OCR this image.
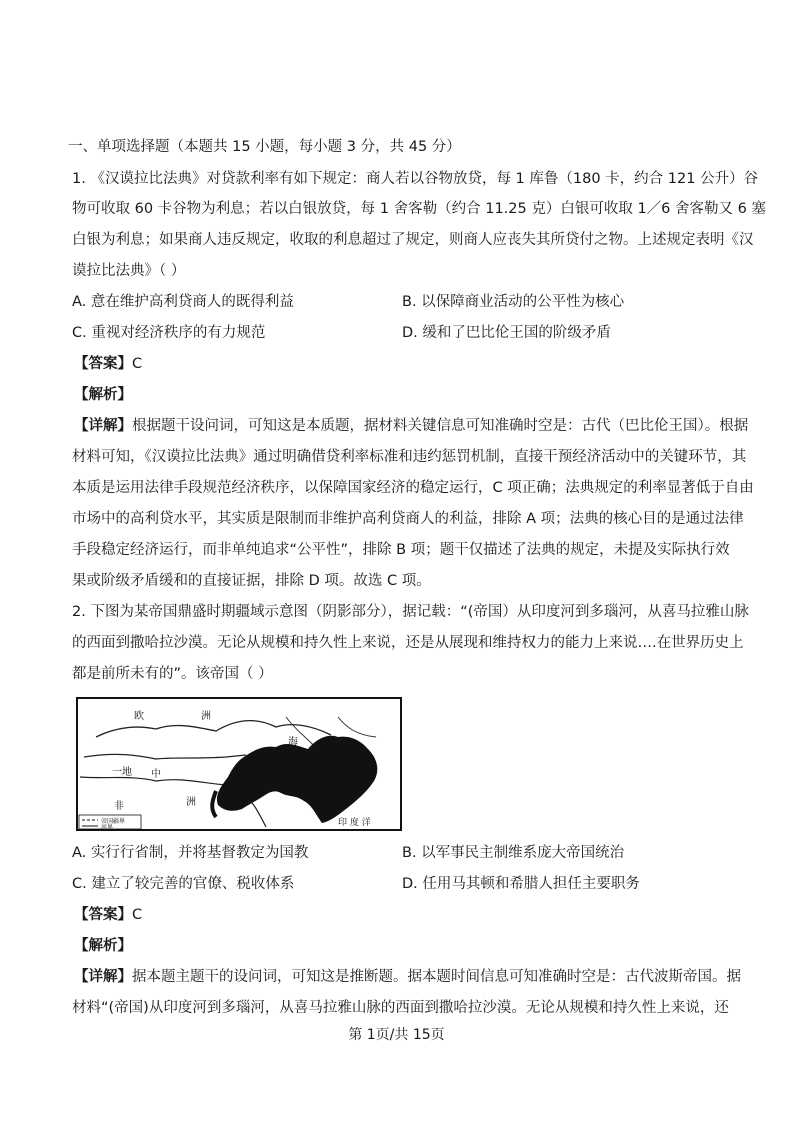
一、单项选择题（本题共 15 小题，每小题 3 分，共 45 分）
1. 《汉谟拉比法典》对贷款利率有如下规定：商人若以谷物放贷，每 1 库鲁（180 卡，约合 121 公升）谷
物可收取 60 卡谷物为利息；若以白银放贷，每 1 舍客勒（约合 11.25 克）白银可收取 1／6 舍客勒又 6 塞
白银为利息；如果商人违反规定，收取的利息超过了规定，则商人应丧失其所贷付之物。上述规定表明《汉
谟拉比法典》（ ）
A. 意在维护高利贷商人的既得利益	B. 以保障商业活动的公平性为核心
C. 重视对经济秩序的有力规范	D. 缓和了巴比伦王国的阶级矛盾
【答案】C
【解析】
【详解】根据题干设问词，可知这是本质题，据材料关键信息可知准确时空是：古代（巴比伦王国）。根据
材料可知，《汉谟拉比法典》通过明确借贷利率标准和违约惩罚机制，直接干预经济活动中的关键环节，其
本质是运用法律手段规范经济秩序，以保障国家经济的稳定运行，C 项正确；法典规定的利率显著低于自由
市场中的高利贷水平，其实质是限制而非维护高利贷商人的利益，排除 A 项；法典的核心目的是通过法律
手段稳定经济运行，而非单纯追求“公平性”，排除 B 项；题干仅描述了法典的规定，未提及实际执行效
果或阶级矛盾缓和的直接证据，排除 D 项。故选 C 项。
2. 下图为某帝国鼎盛时期疆域示意图（阴影部分），据记载：“(帝国）从印度河到多瑙河，从喜马拉雅山脉
的西面到撒哈拉沙漠。无论从规模和持久性上来说，还是从展现和维持权力的能力上来说….在世界历史上
都是前所未有的”。该帝国（ ）
欧	洲
海
一地 中
非	洲
印 度 洋
帝国疆界
河界
A. 实行行省制，并将基督教定为国教	B. 以军事民主制维系庞大帝国统治
C. 建立了较完善的官僚、税收体系	D. 任用马其顿和希腊人担任主要职务
【答案】C
【解析】
【详解】据本题主题干的设问词，可知这是推断题。据本题时间信息可知准确时空是：古代波斯帝国。据
材料“(帝国)从印度河到多瑙河，从喜马拉雅山脉的西面到撒哈拉沙漠。无论从规模和持久性上来说，还
第 1页/共 15页
